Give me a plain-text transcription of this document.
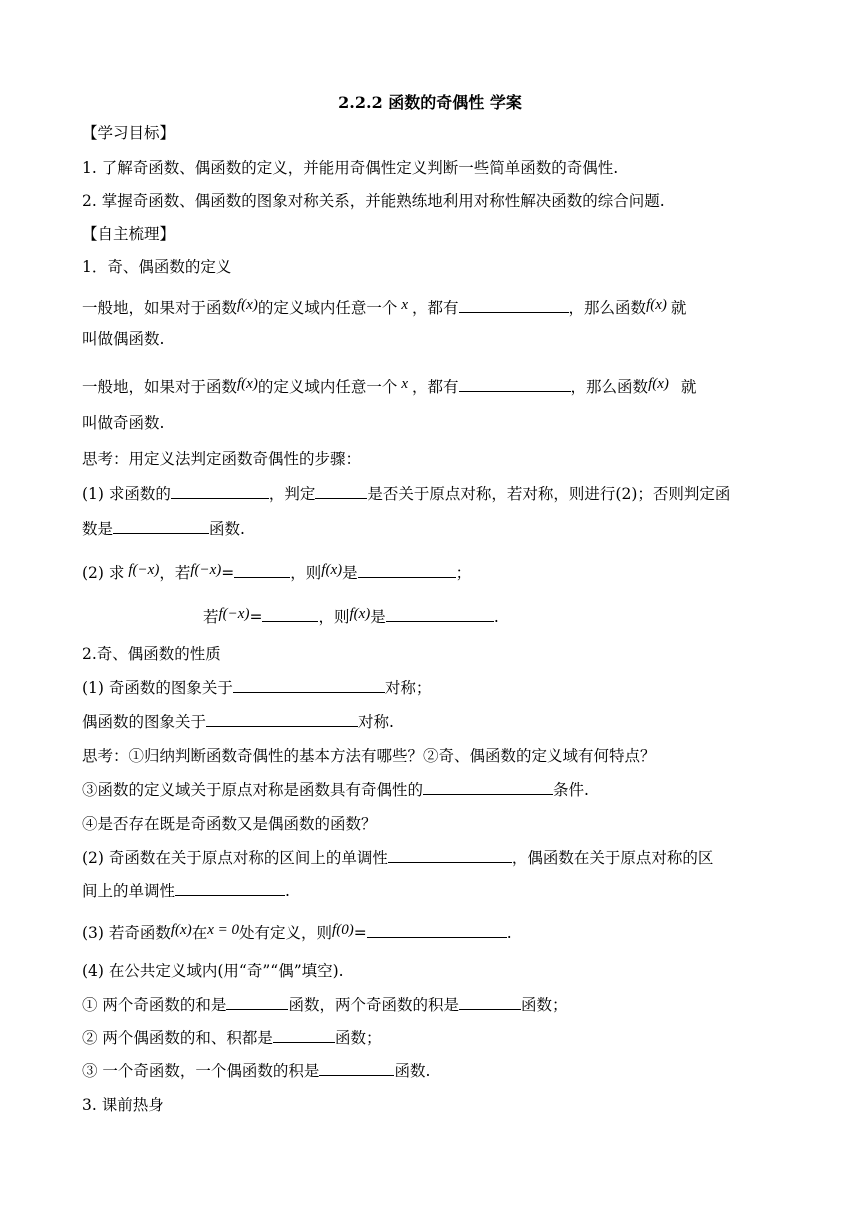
2.2.2 函数的奇偶性 学案
【学习目标】
1. 了解奇函数、偶函数的定义，并能用奇偶性定义判断一些简单函数的奇偶性.
2. 掌握奇函数、偶函数的图象对称关系，并能熟练地利用对称性解决函数的综合问题.
【自主梳理】
1．奇、偶函数的定义
一般地，如果对于函数f(x)的定义域内任意一个 x ，都有	，那么函数f(x) 就
叫做偶函数.
一般地，如果对于函数f(x)的定义域内任意一个 x ，都有	，那么函数f(x) 就
叫做奇函数.
思考：用定义法判定函数奇偶性的步骤：
(1) 求函数的	，判定	是否关于原点对称，若对称，则进行(2)；否则判定函
数是	函数.
(2) 求 f(−x)，若f(−x)=	，则f(x)是	；
若f(−x)=	，则f(x)是	.
2.奇、偶函数的性质
(1) 奇函数的图象关于	对称；
偶函数的图象关于	对称.
思考：①归纳判断函数奇偶性的基本方法有哪些？②奇、偶函数的定义域有何特点？
③函数的定义域关于原点对称是函数具有奇偶性的	条件.
④是否存在既是奇函数又是偶函数的函数？
(2) 奇函数在关于原点对称的区间上的单调性	，偶函数在关于原点对称的区
间上的单调性	.
(3) 若奇函数f(x)在x = 0处有定义，则f(0)=	.
(4) 在公共定义域内(用“奇”“偶”填空).
① 两个奇函数的和是	函数，两个奇函数的积是	函数；
② 两个偶函数的和、积都是	函数；
③ 一个奇函数，一个偶函数的积是	函数.
3. 课前热身
